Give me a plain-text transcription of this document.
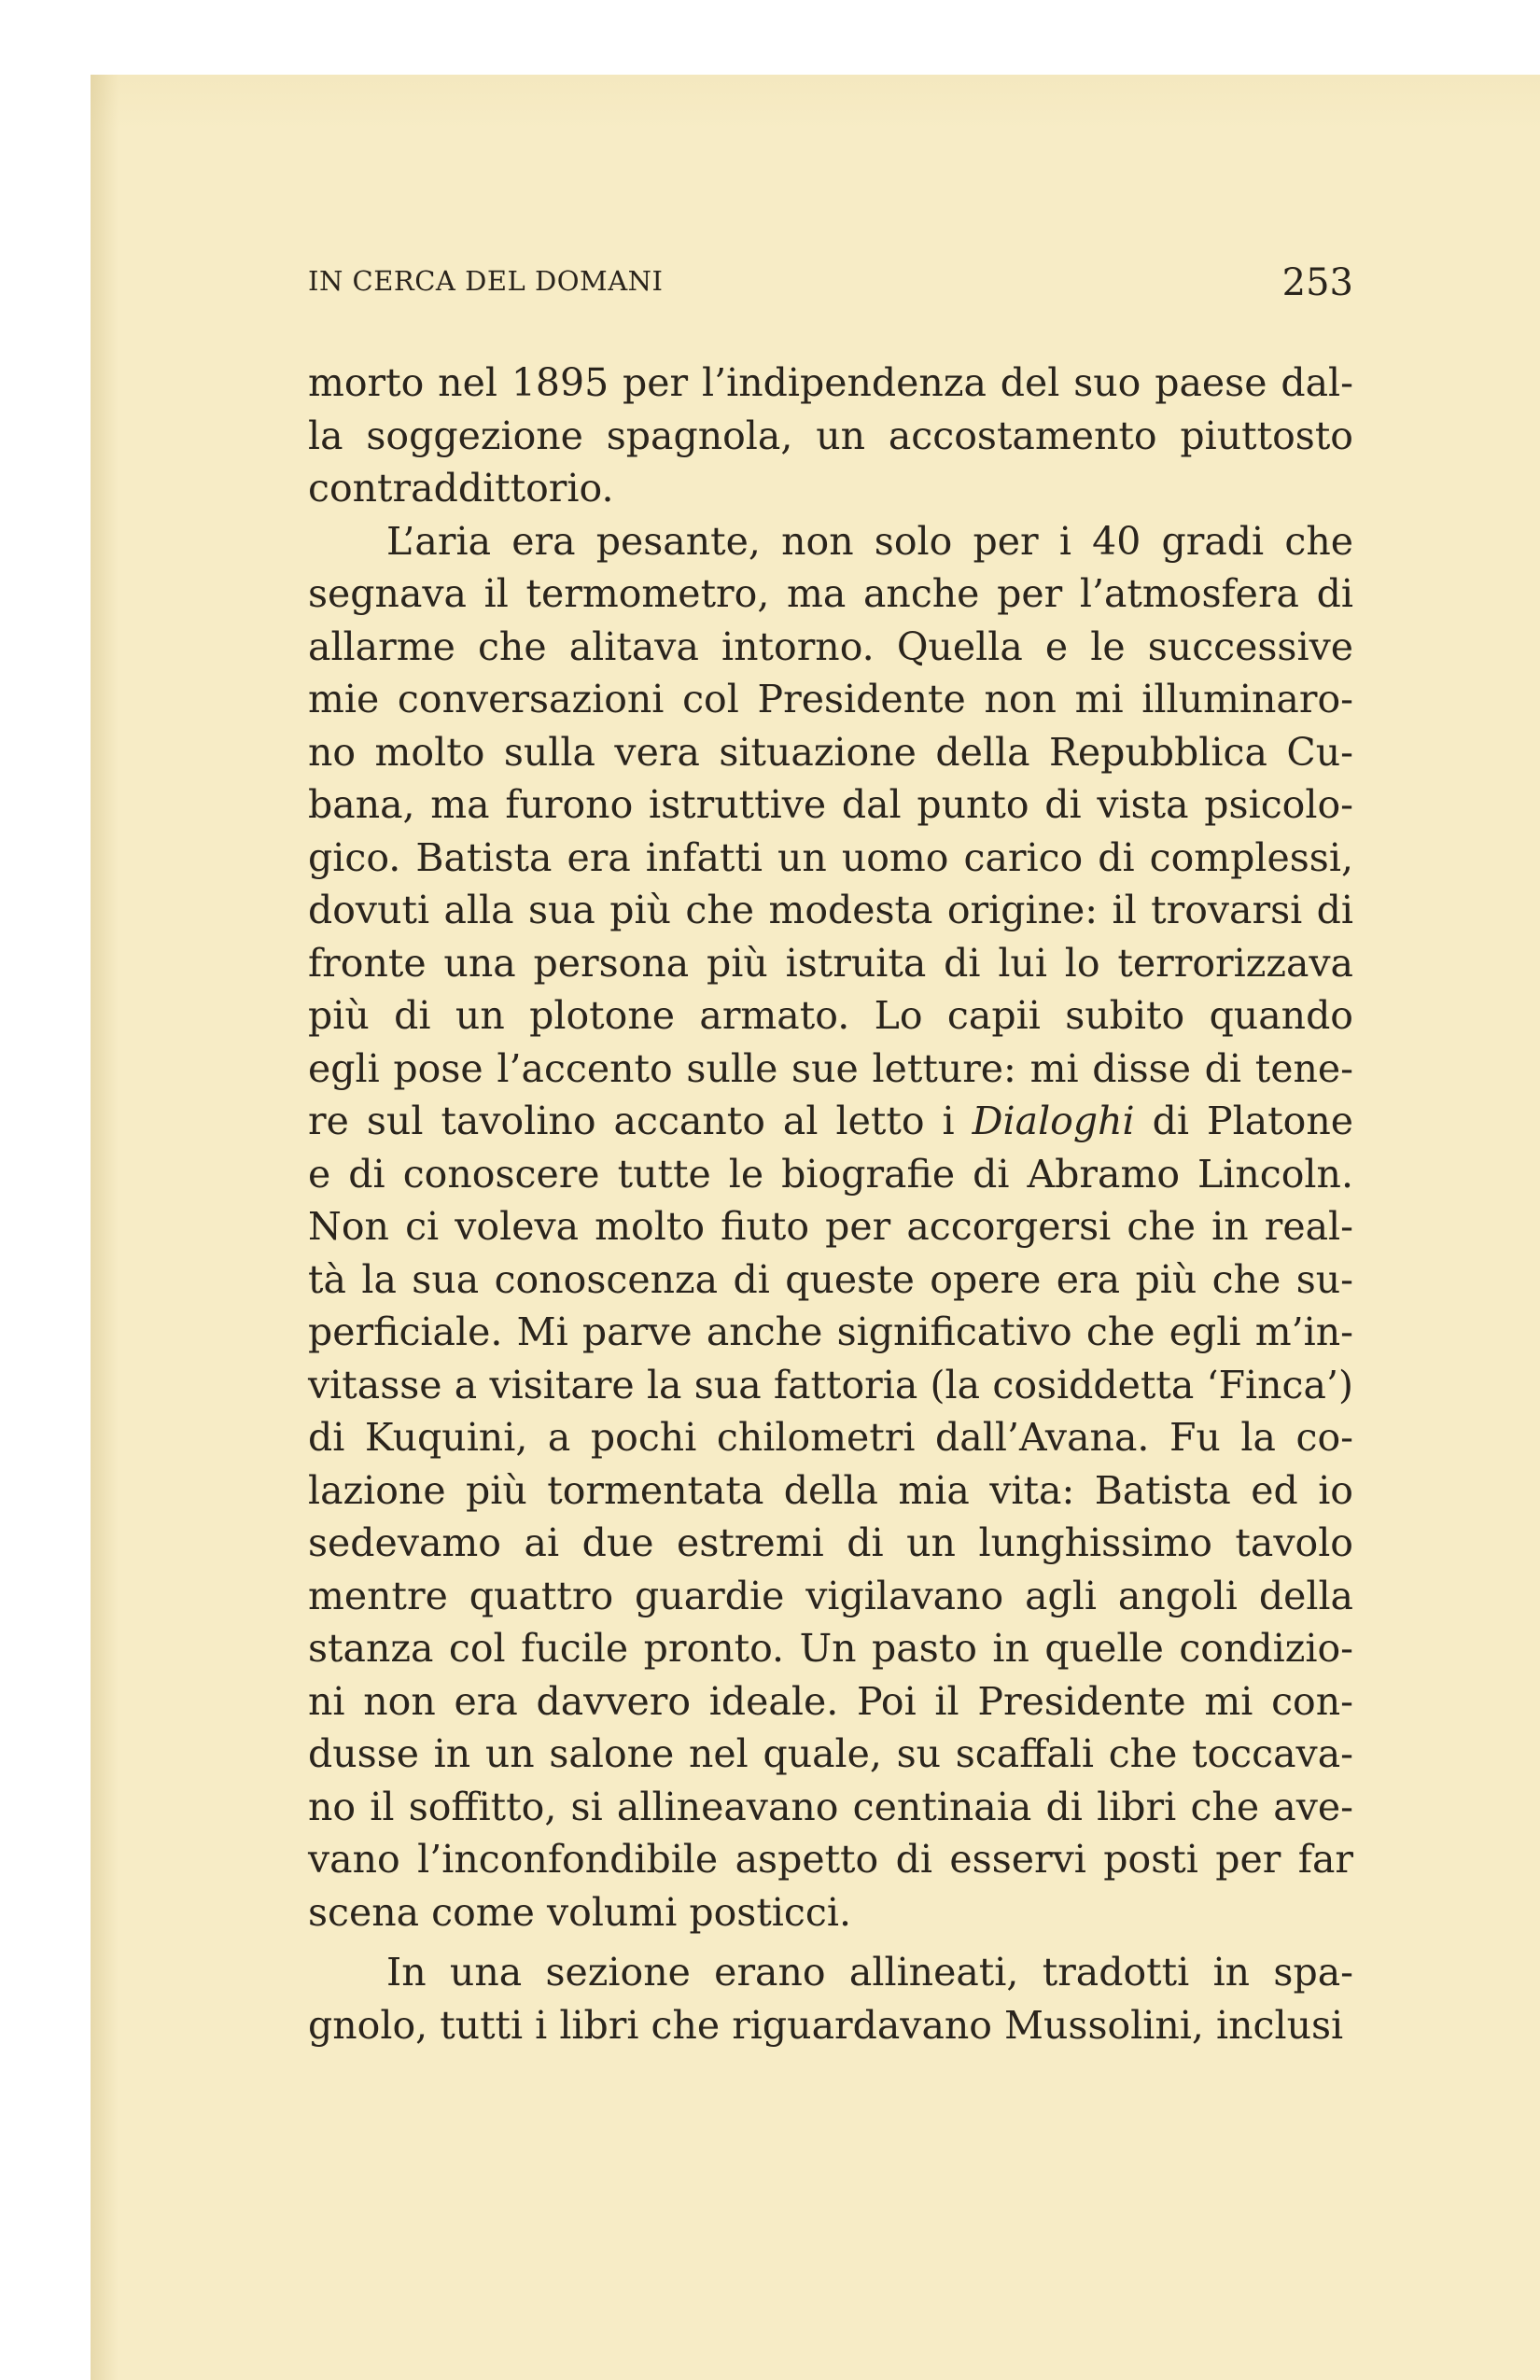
IN CERCA DEL DOMANI	253

morto nel 1895 per l’indipendenza del suo paese dal-

la soggezione spagnola, un accostamento piuttosto

contraddittorio.

L’aria era pesante, non solo per i 40 gradi che

segnava il termometro, ma anche per l’atmosfera di

allarme che alitava intorno. Quella e le successive

mie conversazioni col Presidente non mi illuminaro-

no molto sulla vera situazione della Repubblica Cu-

bana, ma furono istruttive dal punto di vista psicolo-

gico. Batista era infatti un uomo carico di complessi,

dovuti alla sua più che modesta origine: il trovarsi di

fronte una persona più istruita di lui lo terrorizzava

più di un plotone armato. Lo capii subito quando

egli pose l’accento sulle sue letture: mi disse di tene-

re sul tavolino accanto al letto i Dialoghi di Platone

e di conoscere tutte le biografie di Abramo Lincoln.

Non ci voleva molto fiuto per accorgersi che in real-

tà la sua conoscenza di queste opere era più che su-

perficiale. Mi parve anche significativo che egli m’in-

vitasse a visitare la sua fattoria (la cosiddetta ‘Finca’)

di Kuquini, a pochi chilometri dall’Avana. Fu la co-

lazione più tormentata della mia vita: Batista ed io

sedevamo ai due estremi di un lunghissimo tavolo

mentre quattro guardie vigilavano agli angoli della

stanza col fucile pronto. Un pasto in quelle condizio-

ni non era davvero ideale. Poi il Presidente mi con-

dusse in un salone nel quale, su scaffali che toccava-

no il soffitto, si allineavano centinaia di libri che ave-

vano l’inconfondibile aspetto di esservi posti per far

scena come volumi posticci.

In una sezione erano allineati, tradotti in spa-

gnolo, tutti i libri che riguardavano Mussolini, inclusi
